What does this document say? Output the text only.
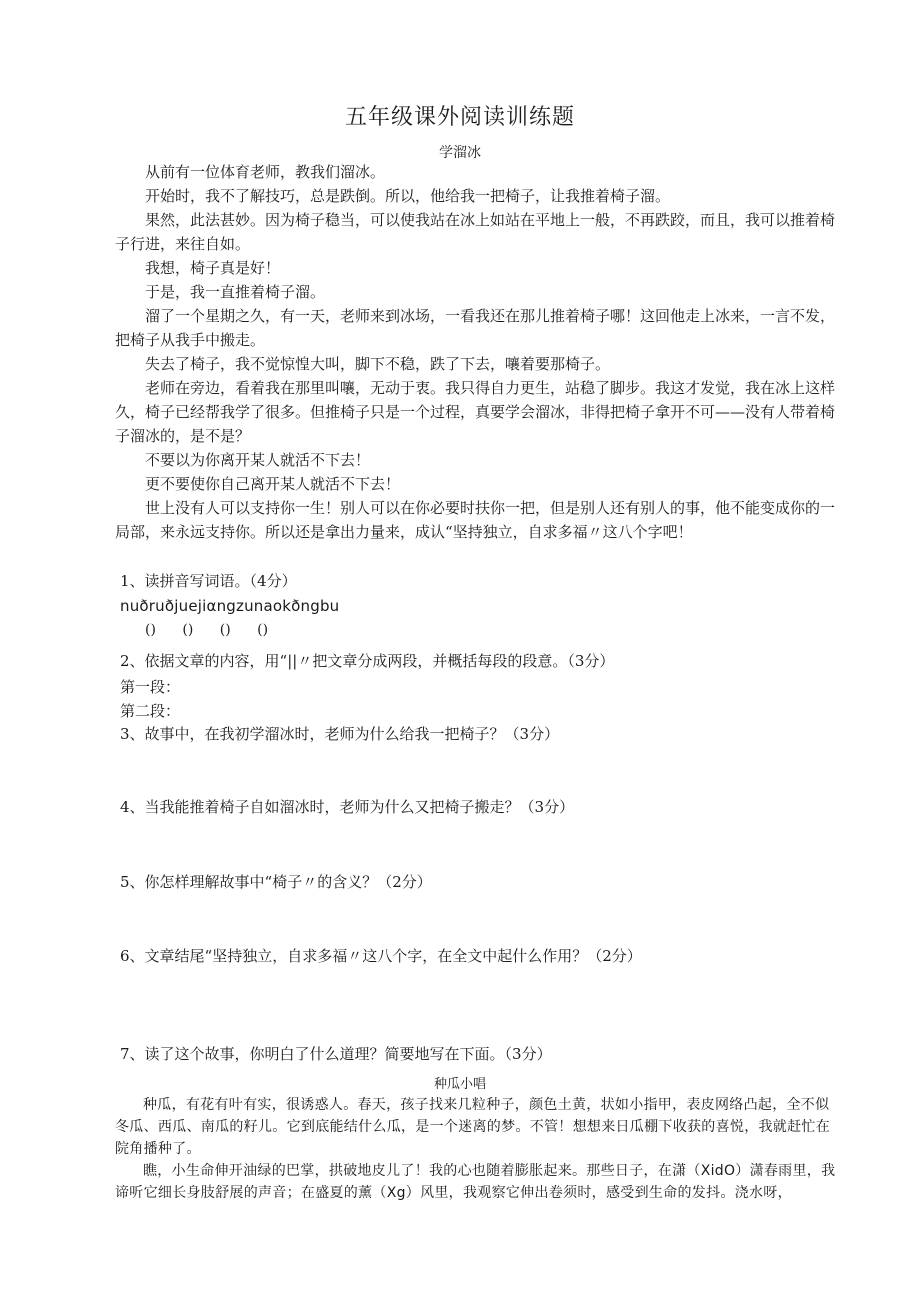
五年级课外阅读训练题
学溜冰

从前有一位体育老师，教我们溜冰。

开始时，我不了解技巧，总是跌倒。所以，他给我一把椅子，让我推着椅子溜。

果然，此法甚妙。因为椅子稳当，可以使我站在冰上如站在平地上一般，不再跌跤，而且，我可以推着椅子行进，来往自如。

我想，椅子真是好！

于是，我一直推着椅子溜。

溜了一个星期之久，有一天，老师来到冰场，一看我还在那儿推着椅子哪！这回他走上冰来，一言不发，把椅子从我手中搬走。

失去了椅子，我不觉惊惶大叫，脚下不稳，跌了下去，嚷着要那椅子。

老师在旁边，看着我在那里叫嚷，无动于衷。我只得自力更生，站稳了脚步。我这才发觉，我在冰上这样久，椅子已经帮我学了很多。但推椅子只是一个过程，真要学会溜冰，非得把椅子拿开不可——没有人带着椅子溜冰的，是不是？

不要以为你离开某人就活不下去！

更不要使你自己离开某人就活不下去！

世上没有人可以支持你一生！别人可以在你必要时扶你一把，但是别人还有别人的事，他不能变成你的一局部，来永远支持你。所以还是拿出力量来，成认“坚持独立，自求多福〃这八个字吧！

1、读拼音写词语。（4分）
nuðruðjuejiαngzunaokðngbu
() () () ()
2、依据文章的内容，用“||〃把文章分成两段，并概括每段的段意。（3分）
第一段：
第二段：
3、故事中，在我初学溜冰时，老师为什么给我一把椅子？（3分）
4、当我能推着椅子自如溜冰时，老师为什么又把椅子搬走？（3分）
5、你怎样理解故事中“椅子〃的含义？（2分）
6、文章结尾“坚持独立，自求多福〃这八个字，在全文中起什么作用？（2分）
7、读了这个故事，你明白了什么道理？简要地写在下面。（3分）
种瓜小唱

种瓜，有花有叶有实，很诱惑人。春天，孩子找来几粒种子，颜色土黄，状如小指甲，表皮网络凸起，全不似冬瓜、西瓜、南瓜的籽儿。它到底能结什么瓜，是一个迷离的梦。不管！想想来日瓜棚下收获的喜悦，我就赶忙在院角播种了。

瞧，小生命伸开油绿的巴掌，拱破地皮儿了！我的心也随着膨胀起来。那些日子，在潇（XidO）潇春雨里，我谛听它细长身肢舒展的声音；在盛夏的薰（Xg）风里，我观察它伸出卷须时，感受到生命的发抖。浇水呀，
